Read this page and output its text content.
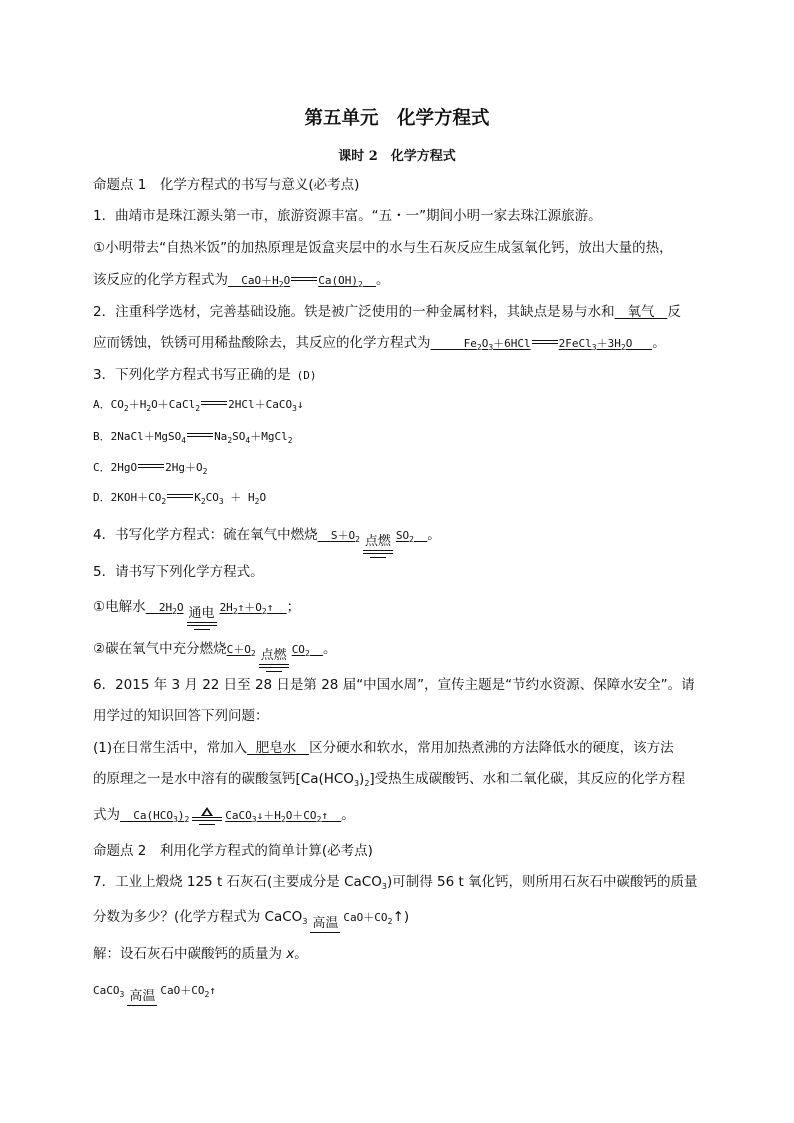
第五单元　化学方程式
课时 2　化学方程式
命题点 1　化学方程式的书写与意义(必考点)
1．曲靖市是珠江源头第一市，旅游资源丰富。“五・一”期间小明一家去珠江源旅游。
①小明带去“自热米饭”的加热原理是饭盒夹层中的水与生石灰反应生成氢氧化钙，放出大量的热，
该反应的化学方程式为 $CaO+H_2O$	$Ca(OH)_2$ 。
2．注重科学选材，完善基础设施。铁是被广泛使用的一种金属材料，其缺点是易与水和 氧气 反
应而锈蚀，铁锈可用稀盐酸除去，其反应的化学方程式为	$Fe_2O_3+6HCl$	$2FeCl_3+3H_2O$   。
3．下列化学方程式书写正确的是 (D)
A．$CO_2+H_2O+CaCl_2$	2HCl＋CaCO$_3$↓
B．2NaCl＋MgSO$_4$	$Na_2SO_4+MgCl_2$
C．2HgO	$2Hg+O_2$
D．$2KOH+CO_2$	$K_2CO_3 + H_2O$
4．书写化学方程式：硫在氧气中燃烧 $S+O_2$ 点燃 $SO_2$ 。
5．请书写下列化学方程式。
①电解水 $2H_2O$ 通电 $2H_2↑+O_2↑$  ；
②碳在氧气中充分燃烧$C+O_2$ 点燃 $CO_2$ 。
6．2015 年 3 月 22 日至 28 日是第 28 届“中国水周”，宣传主题是“节约水资源、保障水安全”。请
用学过的知识回答下列问题：
(1)在日常生活中，常加入 肥皂水 区分硬水和软水，常用加热煮沸的方法降低水的硬度，该方法
的原理之一是水中溶有的碳酸氢钙$[Ca(HCO_3)_2]$受热生成碳酸钙、水和二氧化碳，其反应的化学方程
式为 $Ca(HCO_3)_2$	$CaCO_3↓+H_2O+CO_2↑$  。
命题点 2　利用化学方程式的简单计算(必考点)
7．工业上煅烧 125 t 石灰石(主要成分是 CaCO$_3$)可制得 56 t 氧化钙，则所用石灰石中碳酸钙的质量
分数为多少？(化学方程式为 CaCO$_3$ 高温 $CaO+CO_2↑$)
解：设石灰石中碳酸钙的质量为 x。
CaCO$_3$ 高温 $CaO+CO_2↑$
